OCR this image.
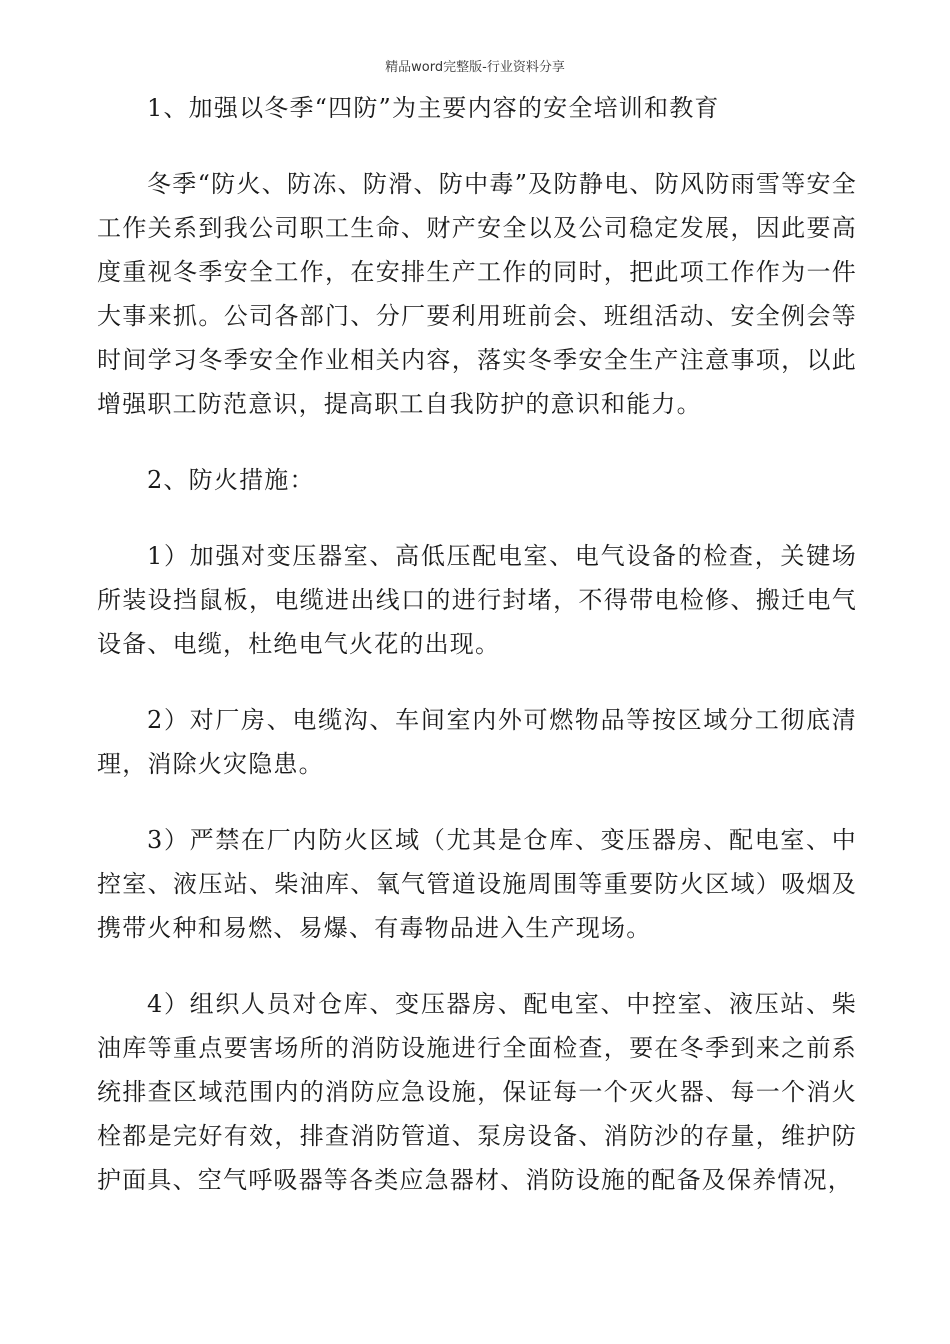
精品word完整版-行业资料分享

1、加强以冬季“四防”为主要内容的安全培训和教育

冬季“防火、防冻、防滑、防中毒”及防静电、防风防雨雪等安全工作关系到我公司职工生命、财产安全以及公司稳定发展，因此要高度重视冬季安全工作，在安排生产工作的同时，把此项工作作为一件大事来抓。公司各部门、分厂要利用班前会、班组活动、安全例会等时间学习冬季安全作业相关内容，落实冬季安全生产注意事项，以此增强职工防范意识，提高职工自我防护的意识和能力。

2、防火措施：

1）加强对变压器室、高低压配电室、电气设备的检查，关键场所装设挡鼠板，电缆进出线口的进行封堵，不得带电检修、搬迁电气设备、电缆，杜绝电气火花的出现。

2）对厂房、电缆沟、车间室内外可燃物品等按区域分工彻底清理，消除火灾隐患。

3）严禁在厂内防火区域（尤其是仓库、变压器房、配电室、中控室、液压站、柴油库、氧气管道设施周围等重要防火区域）吸烟及携带火种和易燃、易爆、有毒物品进入生产现场。

4）组织人员对仓库、变压器房、配电室、中控室、液压站、柴油库等重点要害场所的消防设施进行全面检查，要在冬季到来之前系统排查区域范围内的消防应急设施，保证每一个灭火器、每一个消火栓都是完好有效，排查消防管道、泵房设备、消防沙的存量，维护防护面具、空气呼吸器等各类应急器材、消防设施的配备及保养情况，
